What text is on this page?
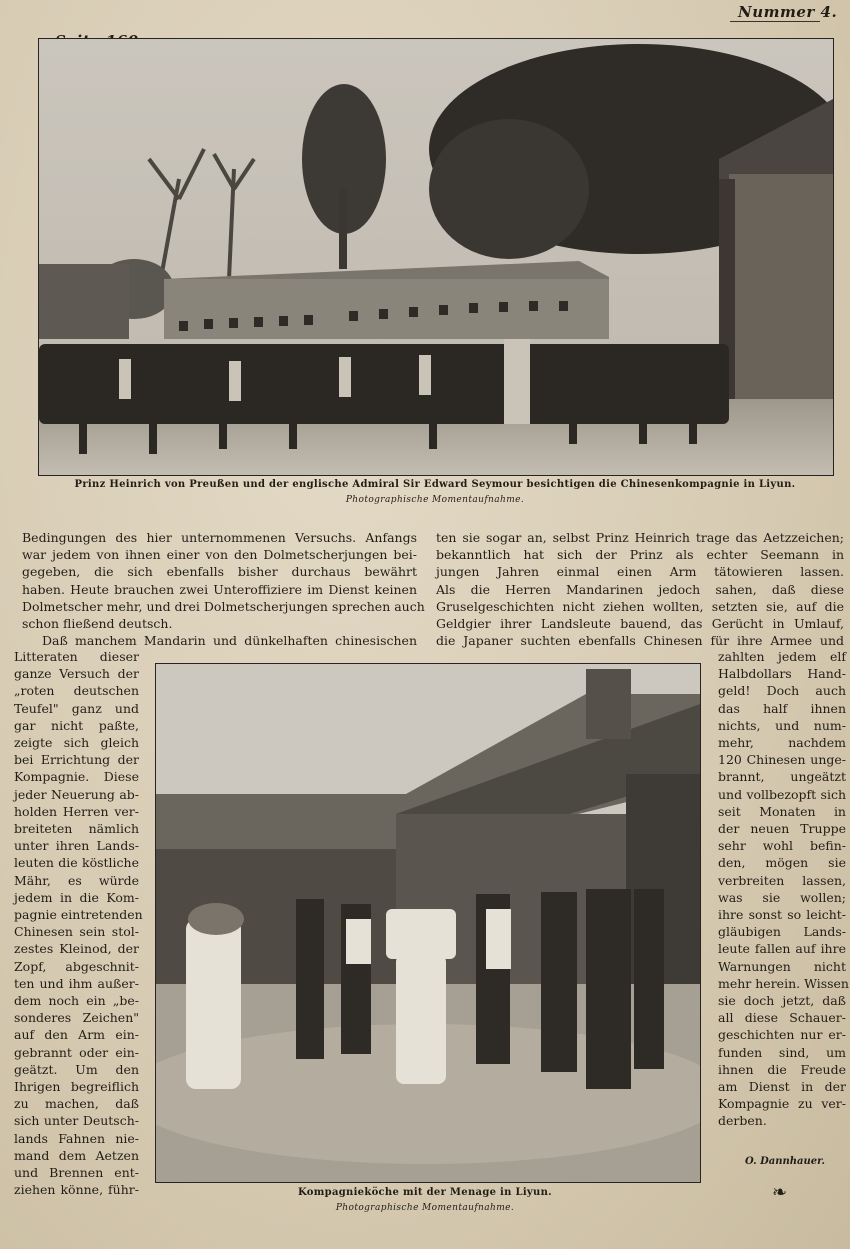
Nummer 4.
Prinz Heinrich von Preußen und der englische Admiral Sir Edward Seymour besichtigen die Chinesenkompagnie in Liyun.
Photographische Momentaufnahme.
Bedingungen des hier unternommenen Versuchs. Anfangs
war jedem von ihnen einer von den Dolmetscherjungen bei-
gegeben, die sich ebenfalls bisher durchaus bewährt
haben. Heute brauchen zwei Unteroffiziere im Dienst keinen
Dolmetscher mehr, und drei Dolmetscherjungen sprechen auch
schon fließend deutsch.
Daß manchem Mandarin und dünkelhaften chinesischen
ten sie sogar an, selbst Prinz Heinrich trage das Aetzzeichen;
bekanntlich hat sich der Prinz als echter Seemann in
jungen Jahren einmal einen Arm tätowieren lassen.
Als die Herren Mandarinen jedoch sahen, daß diese
Gruselgeschichten nicht ziehen wollten, setzten sie, auf die
Geldgier ihrer Landsleute bauend, das Gerücht in Umlauf,
die Japaner suchten ebenfalls Chinesen für ihre Armee und
Litteraten dieser
ganze Versuch der
„roten deutschen
Teufel" ganz und
gar nicht paßte,
zeigte sich gleich
bei Errichtung der
Kompagnie. Diese
jeder Neuerung ab-
holden Herren ver-
breiteten nämlich
unter ihren Lands-
leuten die köstliche
Mähr, es würde
jedem in die Kom-
pagnie eintretenden
Chinesen sein stol-
zestes Kleinod, der
Zopf, abgeschnit-
ten und ihm außer-
dem noch ein „be-
sonderes Zeichen"
auf den Arm ein-
gebrannt oder ein-
geätzt. Um den
Ihrigen begreiflich
zu machen, daß
sich unter Deutsch-
lands Fahnen nie-
mand dem Aetzen
und Brennen ent-
ziehen könne, führ-
zahlten jedem elf
Halbdollars Hand-
geld! Doch auch
das half ihnen
nichts, und num-
mehr, nachdem
120 Chinesen unge-
brannt, ungeätzt
und vollbezopft sich
seit Monaten in
der neuen Truppe
sehr wohl befin-
den, mögen sie
verbreiten lassen,
was sie wollen;
ihre sonst so leicht-
gläubigen Lands-
leute fallen auf ihre
Warnungen nicht
mehr herein. Wissen
sie doch jetzt, daß
all diese Schauer-
geschichten nur er-
funden sind, um
ihnen die Freude
am Dienst in der
Kompagnie zu ver-
derben.
O. Dannhauer.
Kompagnieköche mit der Menage in Liyun.
Photographische Momentaufnahme.
❧
